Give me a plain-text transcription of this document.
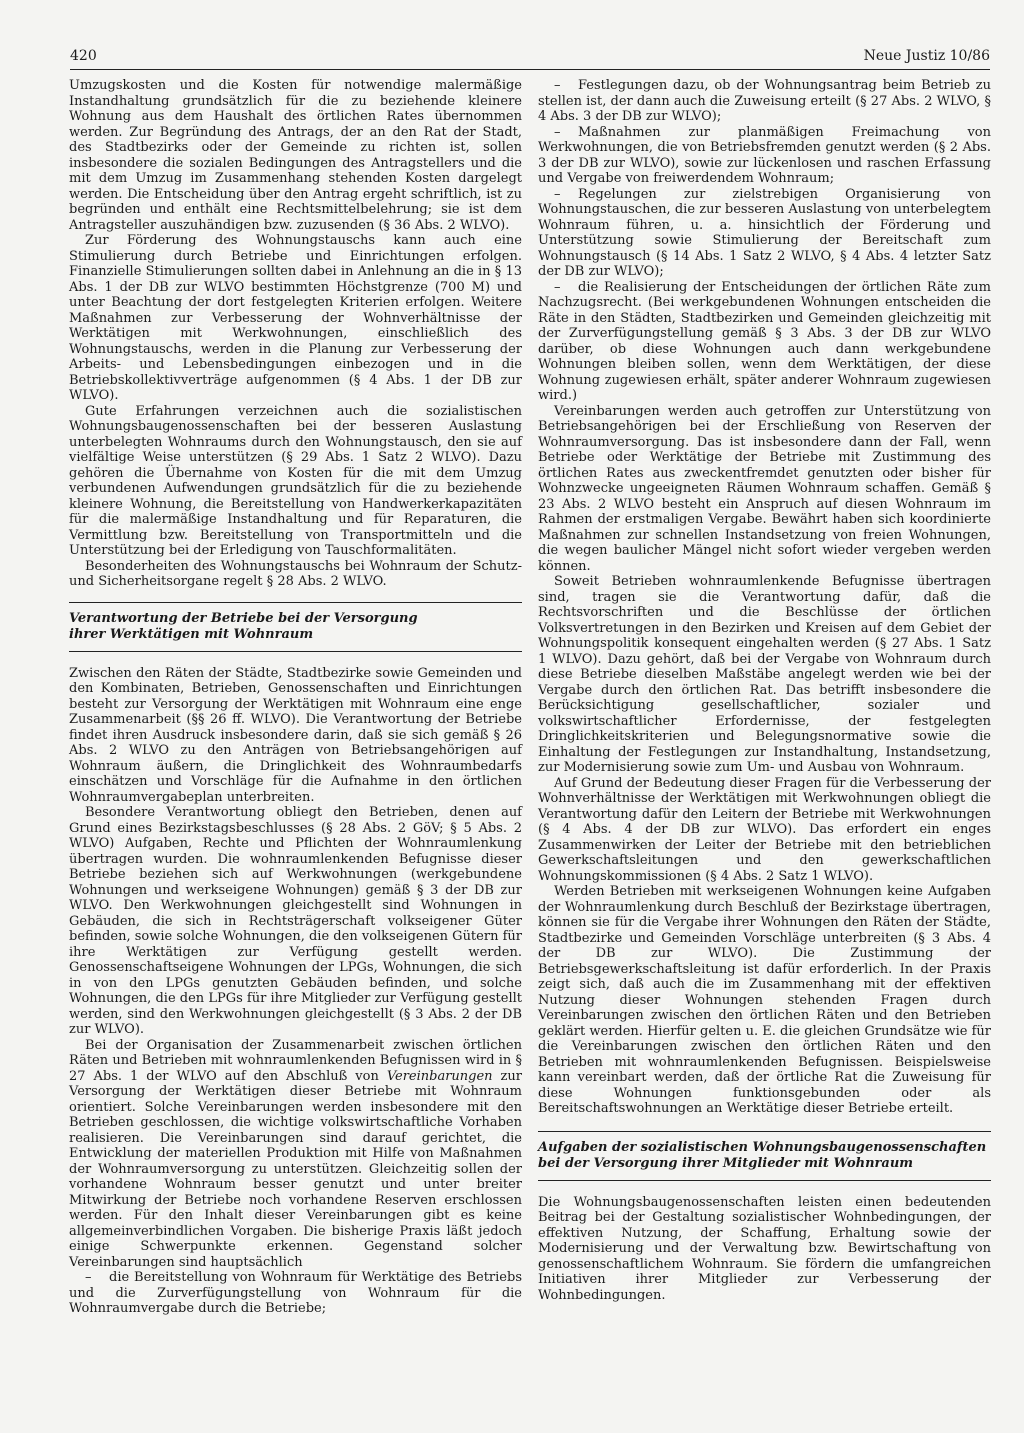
420	Neue Justiz 10/86

Umzugskosten und die Kosten für notwendige malermäßige Instandhaltung grundsätzlich für die zu beziehende kleinere Wohnung aus dem Haushalt des örtlichen Rates übernommen werden. Zur Begründung des Antrags, der an den Rat der Stadt, des Stadtbezirks oder der Gemeinde zu richten ist, sollen insbesondere die sozialen Bedingungen des Antragstellers und die mit dem Umzug im Zusammenhang stehenden Kosten dargelegt werden. Die Entscheidung über den Antrag ergeht schriftlich, ist zu begründen und enthält eine Rechtsmittelbelehrung; sie ist dem Antragsteller auszuhändigen bzw. zuzusenden (§ 36 Abs. 2 WLVO).

Zur Förderung des Wohnungstauschs kann auch eine Stimulierung durch Betriebe und Einrichtungen erfolgen. Finanzielle Stimulierungen sollten dabei in Anlehnung an die in § 13 Abs. 1 der DB zur WLVO bestimmten Höchstgrenze (700 M) und unter Beachtung der dort festgelegten Kriterien erfolgen. Weitere Maßnahmen zur Verbesserung der Wohnverhältnisse der Werktätigen mit Werkwohnungen, einschließlich des Wohnungstauschs, werden in die Planung zur Verbesserung der Arbeits- und Lebensbedingungen einbezogen und in die Betriebskollektivverträge aufgenommen (§ 4 Abs. 1 der DB zur WLVO).

Gute Erfahrungen verzeichnen auch die sozialistischen Wohnungsbaugenossenschaften bei der besseren Auslastung unterbelegten Wohnraums durch den Wohnungstausch, den sie auf vielfältige Weise unterstützen (§ 29 Abs. 1 Satz 2 WLVO). Dazu gehören die Übernahme von Kosten für die mit dem Umzug verbundenen Aufwendungen grundsätzlich für die zu beziehende kleinere Wohnung, die Bereitstellung von Handwerkerkapazitäten für die malermäßige Instandhaltung und für Reparaturen, die Vermittlung bzw. Bereitstellung von Transportmitteln und die Unterstützung bei der Erledigung von Tauschformalitäten.

Besonderheiten des Wohnungstauschs bei Wohnraum der Schutz- und Sicherheitsorgane regelt § 28 Abs. 2 WLVO.

Verantwortung der Betriebe bei der Versorgung
ihrer Werktätigen mit Wohnraum

Zwischen den Räten der Städte, Stadtbezirke sowie Gemeinden und den Kombinaten, Betrieben, Genossenschaften und Einrichtungen besteht zur Versorgung der Werktätigen mit Wohnraum eine enge Zusammenarbeit (§§ 26 ff. WLVO). Die Verantwortung der Betriebe findet ihren Ausdruck insbesondere darin, daß sie sich gemäß § 26 Abs. 2 WLVO zu den Anträgen von Betriebsangehörigen auf Wohnraum äußern, die Dringlichkeit des Wohnraumbedarfs einschätzen und Vorschläge für die Aufnahme in den örtlichen Wohnraumvergabeplan unterbreiten.

Besondere Verantwortung obliegt den Betrieben, denen auf Grund eines Bezirkstagsbeschlusses (§ 28 Abs. 2 GöV; § 5 Abs. 2 WLVO) Aufgaben, Rechte und Pflichten der Wohnraumlenkung übertragen wurden. Die wohnraumlenkenden Befugnisse dieser Betriebe beziehen sich auf Werkwohnungen (werkgebundene Wohnungen und werkseigene Wohnungen) gemäß § 3 der DB zur WLVO. Den Werkwohnungen gleichgestellt sind Wohnungen in Gebäuden, die sich in Rechtsträgerschaft volkseigener Güter befinden, sowie solche Wohnungen, die den volkseigenen Gütern für ihre Werktätigen zur Verfügung gestellt werden. Genossenschaftseigene Wohnungen der LPGs, Wohnungen, die sich in von den LPGs genutzten Gebäuden befinden, und solche Wohnungen, die den LPGs für ihre Mitglieder zur Verfügung gestellt werden, sind den Werkwohnungen gleichgestellt (§ 3 Abs. 2 der DB zur WLVO).

Bei der Organisation der Zusammenarbeit zwischen örtlichen Räten und Betrieben mit wohnraumlenkenden Befugnissen wird in § 27 Abs. 1 der WLVO auf den Abschluß von Vereinbarungen zur Versorgung der Werktätigen dieser Betriebe mit Wohnraum orientiert. Solche Vereinbarungen werden insbesondere mit den Betrieben geschlossen, die wichtige volkswirtschaftliche Vorhaben realisieren. Die Vereinbarungen sind darauf gerichtet, die Entwicklung der materiellen Produktion mit Hilfe von Maßnahmen der Wohnraumversorgung zu unterstützen. Gleichzeitig sollen der vorhandene Wohnraum besser genutzt und unter breiter Mitwirkung der Betriebe noch vorhandene Reserven erschlossen werden. Für den Inhalt dieser Vereinbarungen gibt es keine allgemeinverbindlichen Vorgaben. Die bisherige Praxis läßt jedoch einige Schwerpunkte erkennen. Gegenstand solcher Vereinbarungen sind hauptsächlich

– die Bereitstellung von Wohnraum für Werktätige des Betriebs und die Zurverfügungstellung von Wohnraum für die Wohnraumvergabe durch die Betriebe;

– Festlegungen dazu, ob der Wohnungsantrag beim Betrieb zu stellen ist, der dann auch die Zuweisung erteilt (§ 27 Abs. 2 WLVO, § 4 Abs. 3 der DB zur WLVO);

– Maßnahmen zur planmäßigen Freimachung von Werkwohnungen, die von Betriebsfremden genutzt werden (§ 2 Abs. 3 der DB zur WLVO), sowie zur lückenlosen und raschen Erfassung und Vergabe von freiwerdendem Wohnraum;

– Regelungen zur zielstrebigen Organisierung von Wohnungstauschen, die zur besseren Auslastung von unterbelegtem Wohnraum führen, u. a. hinsichtlich der Förderung und Unterstützung sowie Stimulierung der Bereitschaft zum Wohnungstausch (§ 14 Abs. 1 Satz 2 WLVO, § 4 Abs. 4 letzter Satz der DB zur WLVO);

– die Realisierung der Entscheidungen der örtlichen Räte zum Nachzugsrecht. (Bei werkgebundenen Wohnungen entscheiden die Räte in den Städten, Stadtbezirken und Gemeinden gleichzeitig mit der Zurverfügungstellung gemäß § 3 Abs. 3 der DB zur WLVO darüber, ob diese Wohnungen auch dann werkgebundene Wohnungen bleiben sollen, wenn dem Werktätigen, der diese Wohnung zugewiesen erhält, später anderer Wohnraum zugewiesen wird.)

Vereinbarungen werden auch getroffen zur Unterstützung von Betriebsangehörigen bei der Erschließung von Reserven der Wohnraumversorgung. Das ist insbesondere dann der Fall, wenn Betriebe oder Werktätige der Betriebe mit Zustimmung des örtlichen Rates aus zweckentfremdet genutzten oder bisher für Wohnzwecke ungeeigneten Räumen Wohnraum schaffen. Gemäß § 23 Abs. 2 WLVO besteht ein Anspruch auf diesen Wohnraum im Rahmen der erstmaligen Vergabe. Bewährt haben sich koordinierte Maßnahmen zur schnellen Instandsetzung von freien Wohnungen, die wegen baulicher Mängel nicht sofort wieder vergeben werden können.

Soweit Betrieben wohnraumlenkende Befugnisse übertragen sind, tragen sie die Verantwortung dafür, daß die Rechtsvorschriften und die Beschlüsse der örtlichen Volksvertretungen in den Bezirken und Kreisen auf dem Gebiet der Wohnungspolitik konsequent eingehalten werden (§ 27 Abs. 1 Satz 1 WLVO). Dazu gehört, daß bei der Vergabe von Wohnraum durch diese Betriebe dieselben Maßstäbe angelegt werden wie bei der Vergabe durch den örtlichen Rat. Das betrifft insbesondere die Berücksichtigung gesellschaftlicher, sozialer und volkswirtschaftlicher Erfordernisse, der festgelegten Dringlichkeitskriterien und Belegungsnormative sowie die Einhaltung der Festlegungen zur Instandhaltung, Instandsetzung, zur Modernisierung sowie zum Um- und Ausbau von Wohnraum.

Auf Grund der Bedeutung dieser Fragen für die Verbesserung der Wohnverhältnisse der Werktätigen mit Werkwohnungen obliegt die Verantwortung dafür den Leitern der Betriebe mit Werkwohnungen (§ 4 Abs. 4 der DB zur WLVO). Das erfordert ein enges Zusammenwirken der Leiter der Betriebe mit den betrieblichen Gewerkschaftsleitungen und den gewerkschaftlichen Wohnungskommissionen (§ 4 Abs. 2 Satz 1 WLVO).

Werden Betrieben mit werkseigenen Wohnungen keine Aufgaben der Wohnraumlenkung durch Beschluß der Bezirkstage übertragen, können sie für die Vergabe ihrer Wohnungen den Räten der Städte, Stadtbezirke und Gemeinden Vorschläge unterbreiten (§ 3 Abs. 4 der DB zur WLVO). Die Zustimmung der Betriebsgewerkschaftsleitung ist dafür erforderlich. In der Praxis zeigt sich, daß auch die im Zusammenhang mit der effektiven Nutzung dieser Wohnungen stehenden Fragen durch Vereinbarungen zwischen den örtlichen Räten und den Betrieben geklärt werden. Hierfür gelten u. E. die gleichen Grundsätze wie für die Vereinbarungen zwischen den örtlichen Räten und den Betrieben mit wohnraumlenkenden Befugnissen. Beispielsweise kann vereinbart werden, daß der örtliche Rat die Zuweisung für diese Wohnungen funktionsgebunden oder als Bereitschaftswohnungen an Werktätige dieser Betriebe erteilt.

Aufgaben der sozialistischen Wohnungsbaugenossenschaften
bei der Versorgung ihrer Mitglieder mit Wohnraum

Die Wohnungsbaugenossenschaften leisten einen bedeutenden Beitrag bei der Gestaltung sozialistischer Wohnbedingungen, der effektiven Nutzung, der Schaffung, Erhaltung sowie der Modernisierung und der Verwaltung bzw. Bewirtschaftung von genossenschaftlichem Wohnraum. Sie fördern die umfangreichen Initiativen ihrer Mitglieder zur Verbesserung der Wohnbedingungen.
